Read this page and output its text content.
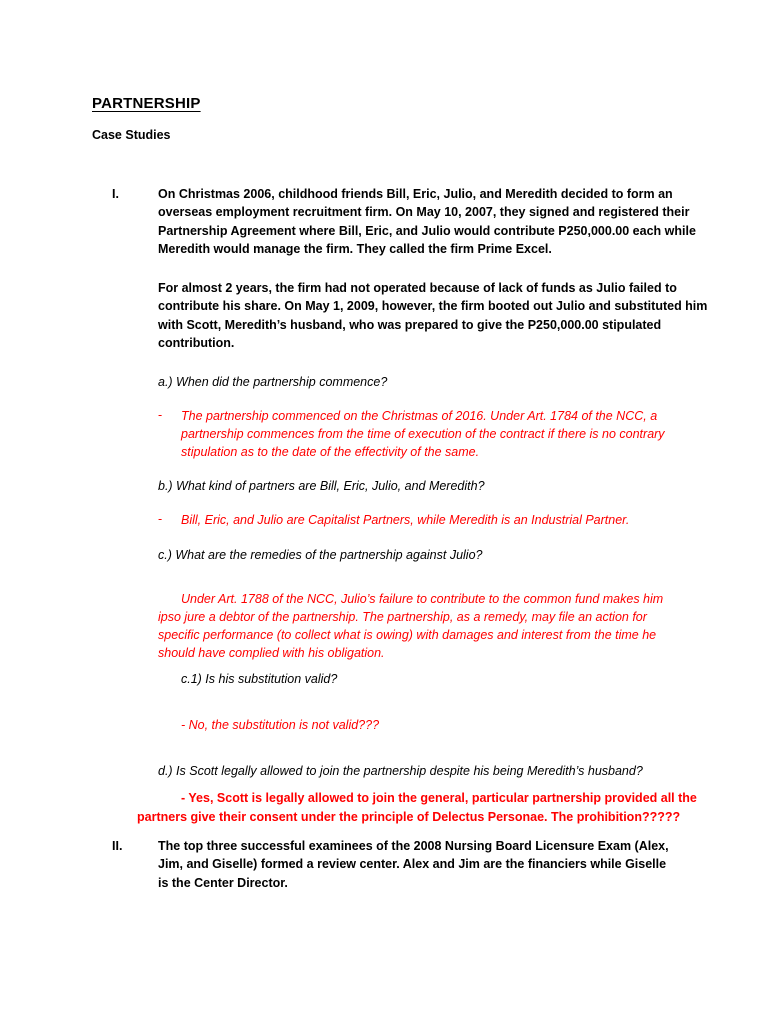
PARTNERSHIP
Case Studies
I.	On Christmas 2006, childhood friends Bill, Eric, Julio, and Meredith decided to form an overseas employment recruitment firm. On May 10, 2007, they signed and registered their Partnership Agreement where Bill, Eric, and Julio would contribute P250,000.00 each while Meredith would manage the firm. They called the firm Prime Excel.
For almost 2 years, the firm had not operated because of lack of funds as Julio failed to contribute his share. On May 1, 2009, however, the firm booted out Julio and substituted him with Scott, Meredith’s husband, who was prepared to give the P250,000.00 stipulated contribution.
a.) When did the partnership commence?
- The partnership commenced on the Christmas of 2016. Under Art. 1784 of the NCC, a partnership commences from the time of execution of the contract if there is no contrary stipulation as to the date of the effectivity of the same.
b.) What kind of partners are Bill, Eric, Julio, and Meredith?
- Bill, Eric, and Julio are Capitalist Partners, while Meredith is an Industrial Partner.
c.) What are the remedies of the partnership against Julio?
Under Art. 1788 of the NCC, Julio’s failure to contribute to the common fund makes him ipso jure a debtor of the partnership. The partnership, as a remedy, may file an action for specific performance (to collect what is owing) with damages and interest from the time he should have complied with his obligation.
c.1) Is his substitution valid?
- No, the substitution is not valid???
d.) Is Scott legally allowed to join the partnership despite his being Meredith’s husband?
- Yes, Scott is legally allowed to join the general, particular partnership provided all the
partners give their consent under the principle of Delectus Personae. The prohibition?????
II.	The top three successful examinees of the 2008 Nursing Board Licensure Exam (Alex, Jim, and Giselle) formed a review center. Alex and Jim are the financiers while Giselle is the Center Director.
